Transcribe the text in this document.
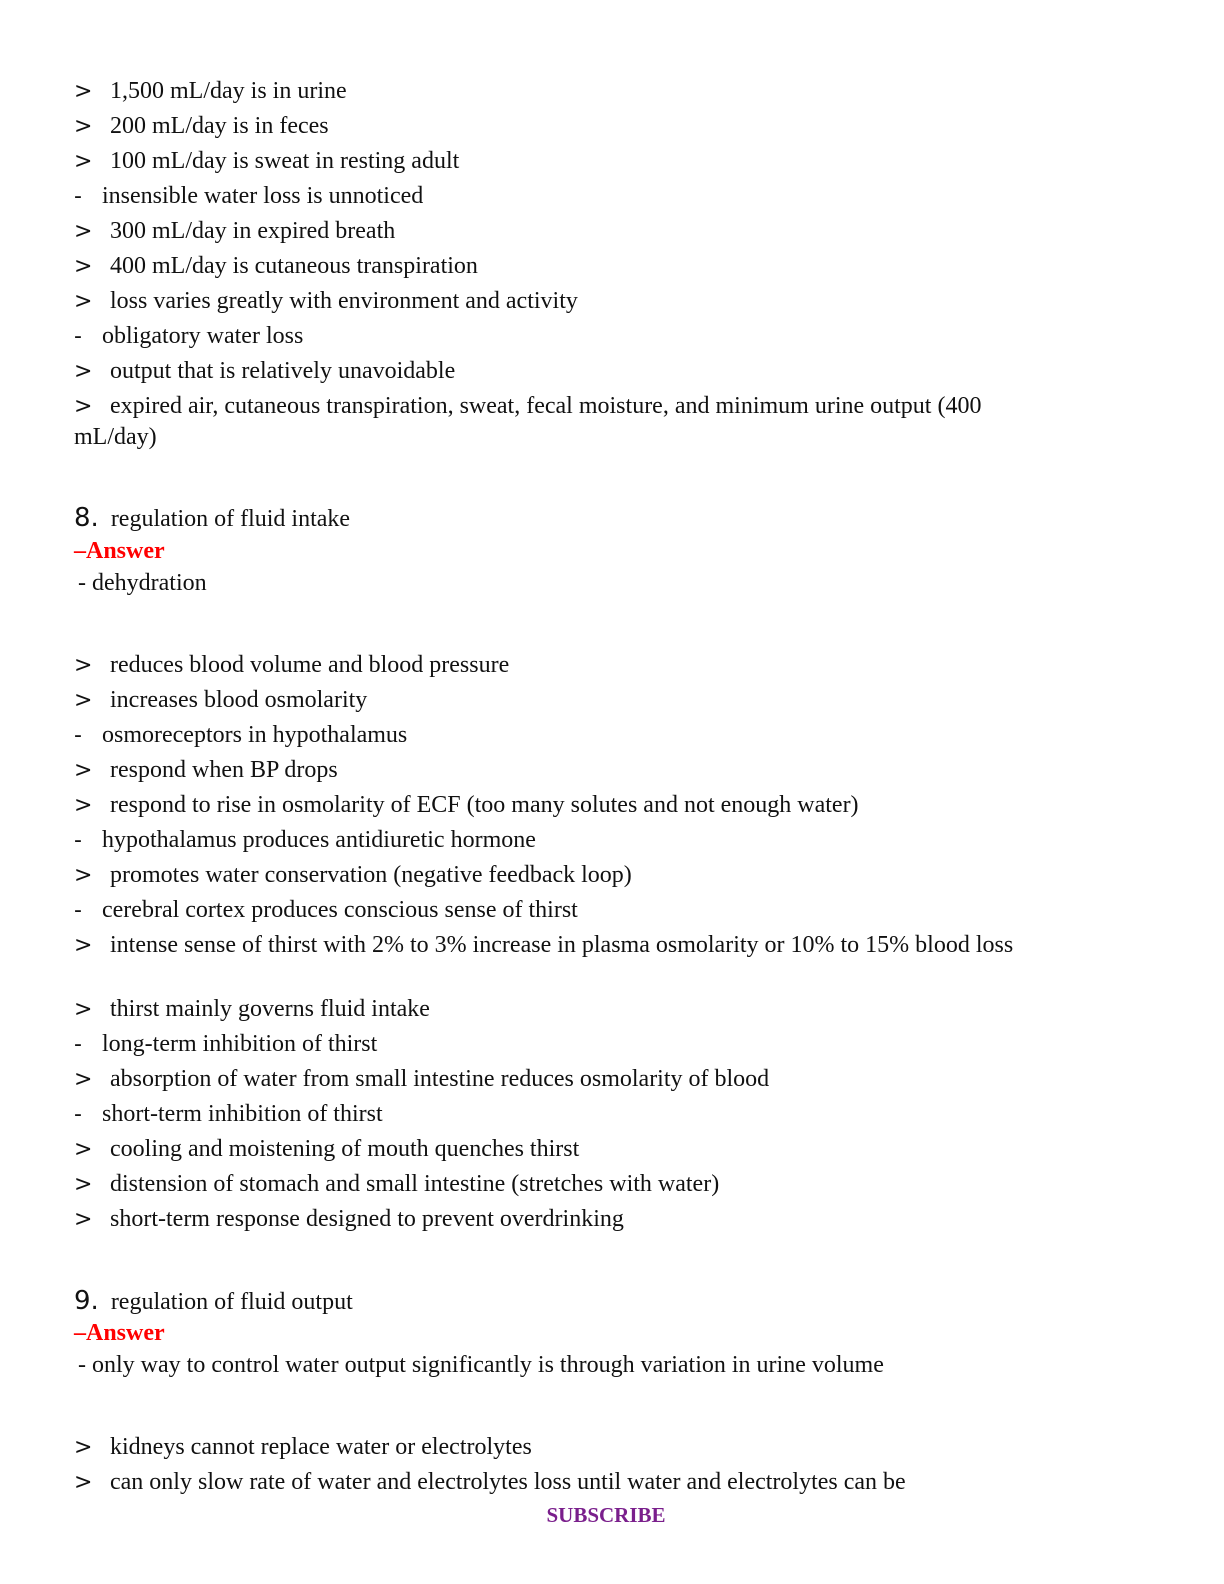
> 1,500 mL/day is in urine
> 200 mL/day is in feces
> 100 mL/day is sweat in resting adult
- insensible water loss is unnoticed
> 300 mL/day in expired breath
> 400 mL/day is cutaneous transpiration
> loss varies greatly with environment and activity
- obligatory water loss
> output that is relatively unavoidable
> expired air, cutaneous transpiration, sweat, fecal moisture, and minimum urine output (400 mL/day)
8. regulation of fluid intake
–Answer
- dehydration
> reduces blood volume and blood pressure
> increases blood osmolarity
- osmoreceptors in hypothalamus
> respond when BP drops
> respond to rise in osmolarity of ECF (too many solutes and not enough water)
- hypothalamus produces antidiuretic hormone
> promotes water conservation (negative feedback loop)
- cerebral cortex produces conscious sense of thirst
> intense sense of thirst with 2% to 3% increase in plasma osmolarity or 10% to 15% blood loss
> thirst mainly governs fluid intake
- long-term inhibition of thirst
> absorption of water from small intestine reduces osmolarity of blood
- short-term inhibition of thirst
> cooling and moistening of mouth quenches thirst
> distension of stomach and small intestine (stretches with water)
> short-term response designed to prevent overdrinking
9. regulation of fluid output
–Answer
- only way to control water output significantly is through variation in urine volume
> kidneys cannot replace water or electrolytes
> can only slow rate of water and electrolytes loss until water and electrolytes can be
SUBSCRIBE
